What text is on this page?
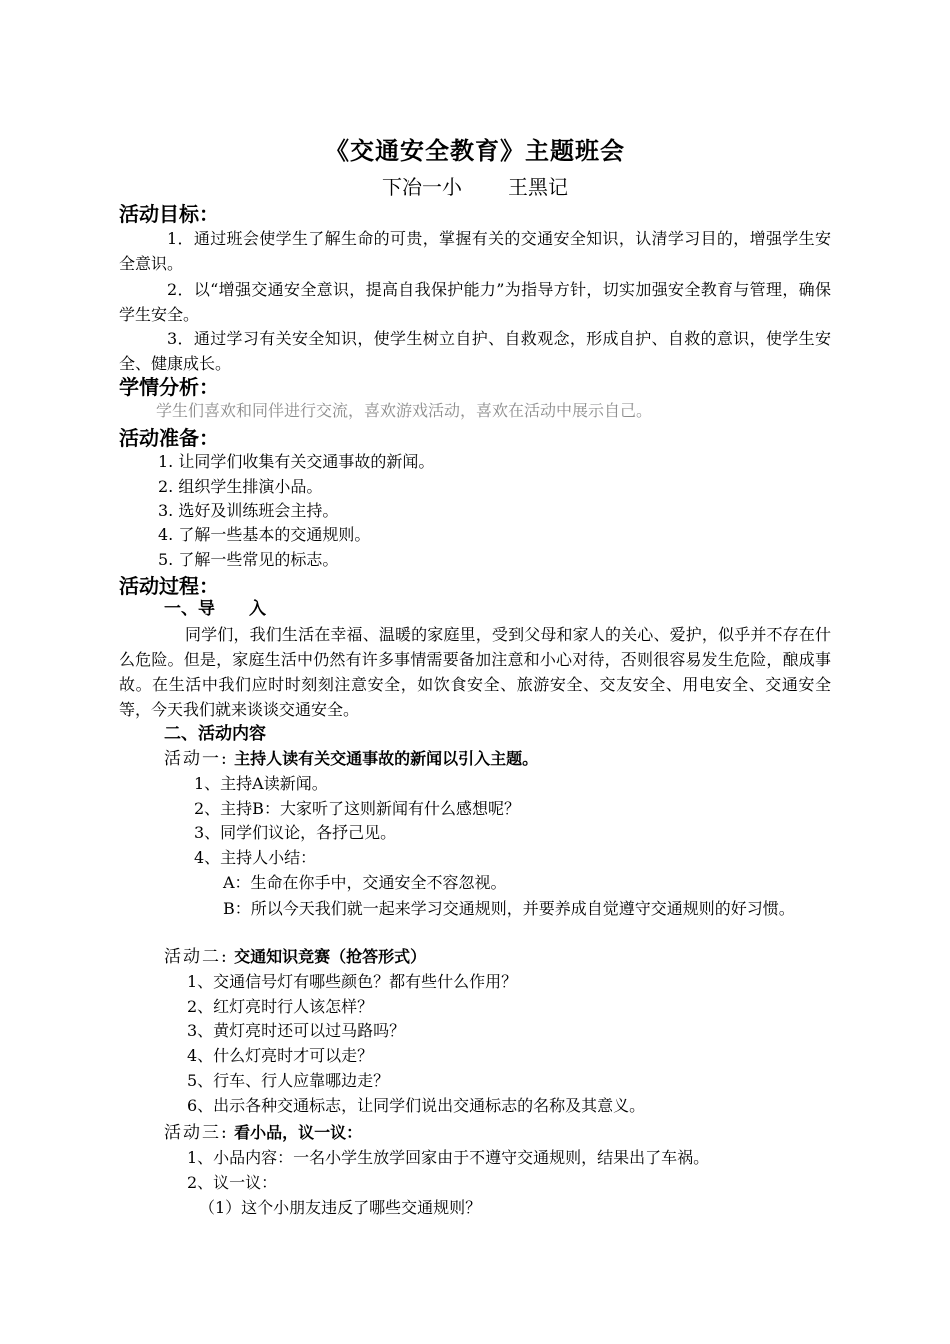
《交通安全教育》主题班会
下冶一小 王黑记
活动目标：
1．通过班会使学生了解生命的可贵，掌握有关的交通安全知识，认清学习目的，增强学生安全意识。
2．以“增强交通安全意识，提高自我保护能力”为指导方针，切实加强安全教育与管理，确保学生安全。
3．通过学习有关安全知识，使学生树立自护、自救观念，形成自护、自救的意识，使学生安全、健康成长。
学情分析：
学生们喜欢和同伴进行交流，喜欢游戏活动，喜欢在活动中展示自己。
活动准备：
1. 让同学们收集有关交通事故的新闻。
2. 组织学生排演小品。
3. 选好及训练班会主持。
4. 了解一些基本的交通规则。
5. 了解一些常见的标志。
活动过程：
一、导　　入
同学们，我们生活在幸福、温暖的家庭里，受到父母和家人的关心、爱护，似乎并不存在什么危险。但是，家庭生活中仍然有许多事情需要备加注意和小心对待，否则很容易发生危险，酿成事故。在生活中我们应时时刻刻注意安全，如饮食安全、旅游安全、交友安全、用电安全、交通安全等，今天我们就来谈谈交通安全。
二、活动内容
活动一: 主持人读有关交通事故的新闻以引入主题。
1、主持A读新闻。
2、主持B：大家听了这则新闻有什么感想呢？
3、同学们议论，各抒己见。
4、主持人小结：
A：生命在你手中，交通安全不容忽视。
B：所以今天我们就一起来学习交通规则，并要养成自觉遵守交通规则的好习惯。
活动二: 交通知识竞赛（抢答形式）
1、交通信号灯有哪些颜色？都有些什么作用？
2、红灯亮时行人该怎样？
3、黄灯亮时还可以过马路吗？
4、什么灯亮时才可以走？
5、行车、行人应靠哪边走？
6、出示各种交通标志，让同学们说出交通标志的名称及其意义。
活动三: 看小品，议一议：
1、小品内容：一名小学生放学回家由于不遵守交通规则，结果出了车祸。
2、议一议：
（1）这个小朋友违反了哪些交通规则？
